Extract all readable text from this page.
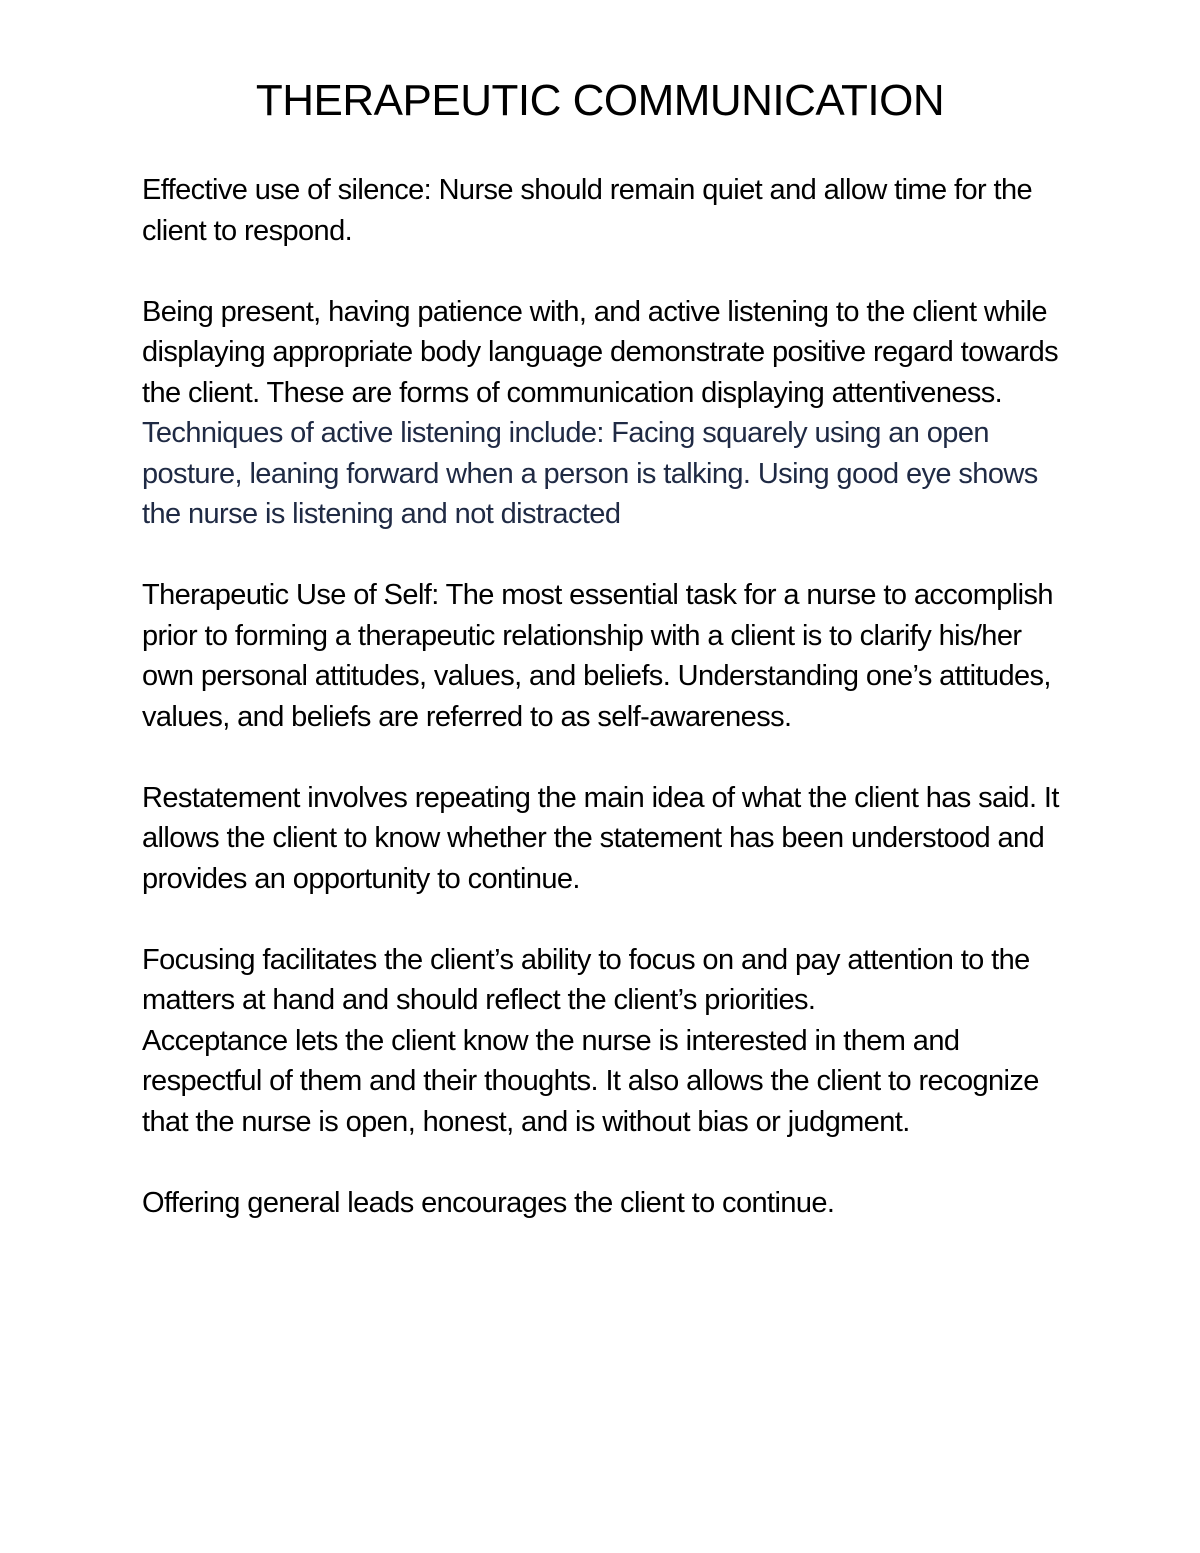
THERAPEUTIC COMMUNICATION

Effective use of silence: Nurse should remain quiet and allow time for the client to respond.

Being present, having patience with, and active listening to the client while displaying appropriate body language demonstrate positive regard towards the client. These are forms of communication displaying attentiveness. Techniques of active listening include: Facing squarely using an open posture, leaning forward when a person is talking. Using good eye shows the nurse is listening and not distracted

Therapeutic Use of Self: The most essential task for a nurse to accomplish prior to forming a therapeutic relationship with a client is to clarify his/her own personal attitudes, values, and beliefs. Understanding one’s attitudes, values, and beliefs are referred to as self-awareness.

Restatement involves repeating the main idea of what the client has said. It allows the client to know whether the statement has been understood and provides an opportunity to continue.

Focusing facilitates the client’s ability to focus on and pay attention to the matters at hand and should reflect the client’s priorities.

Acceptance lets the client know the nurse is interested in them and respectful of them and their thoughts. It also allows the client to recognize that the nurse is open, honest, and is without bias or judgment.

Offering general leads encourages the client to continue.
